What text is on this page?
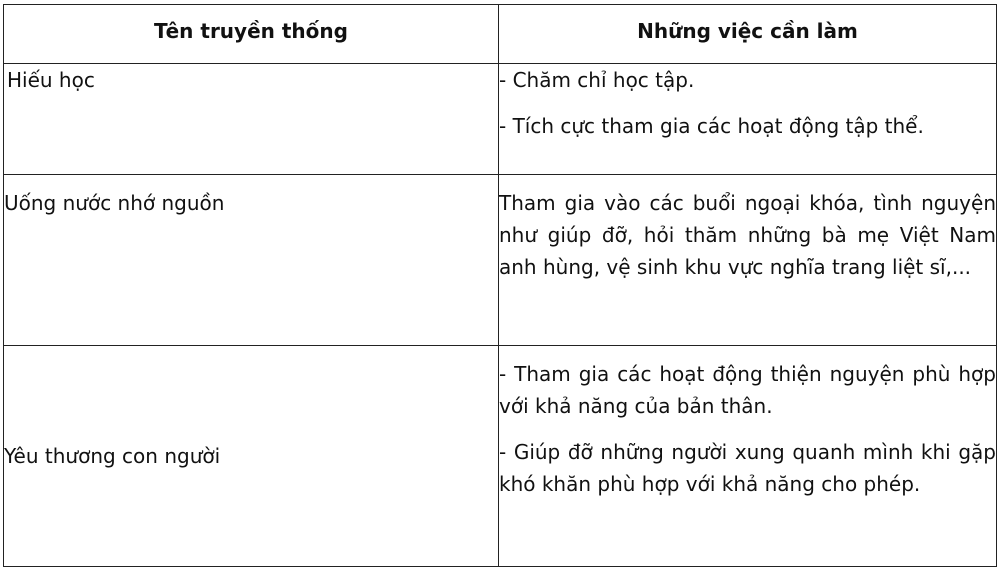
Tên truyền thống	Những việc cần làm

Hiếu học	- Chăm chỉ học tập.

- Tích cực tham gia các hoạt động tập thể.

Uống nước nhớ nguồn	Tham gia vào các buổi ngoại khóa, tình nguyện như giúp đỡ, hỏi thăm những bà mẹ Việt Nam anh hùng, vệ sinh khu vực nghĩa trang liệt sĩ,...

Yêu thương con người	- Tham gia các hoạt động thiện nguyện phù hợp với khả năng của bản thân.

- Giúp đỡ những người xung quanh mình khi gặp khó khăn phù hợp với khả năng cho phép.
